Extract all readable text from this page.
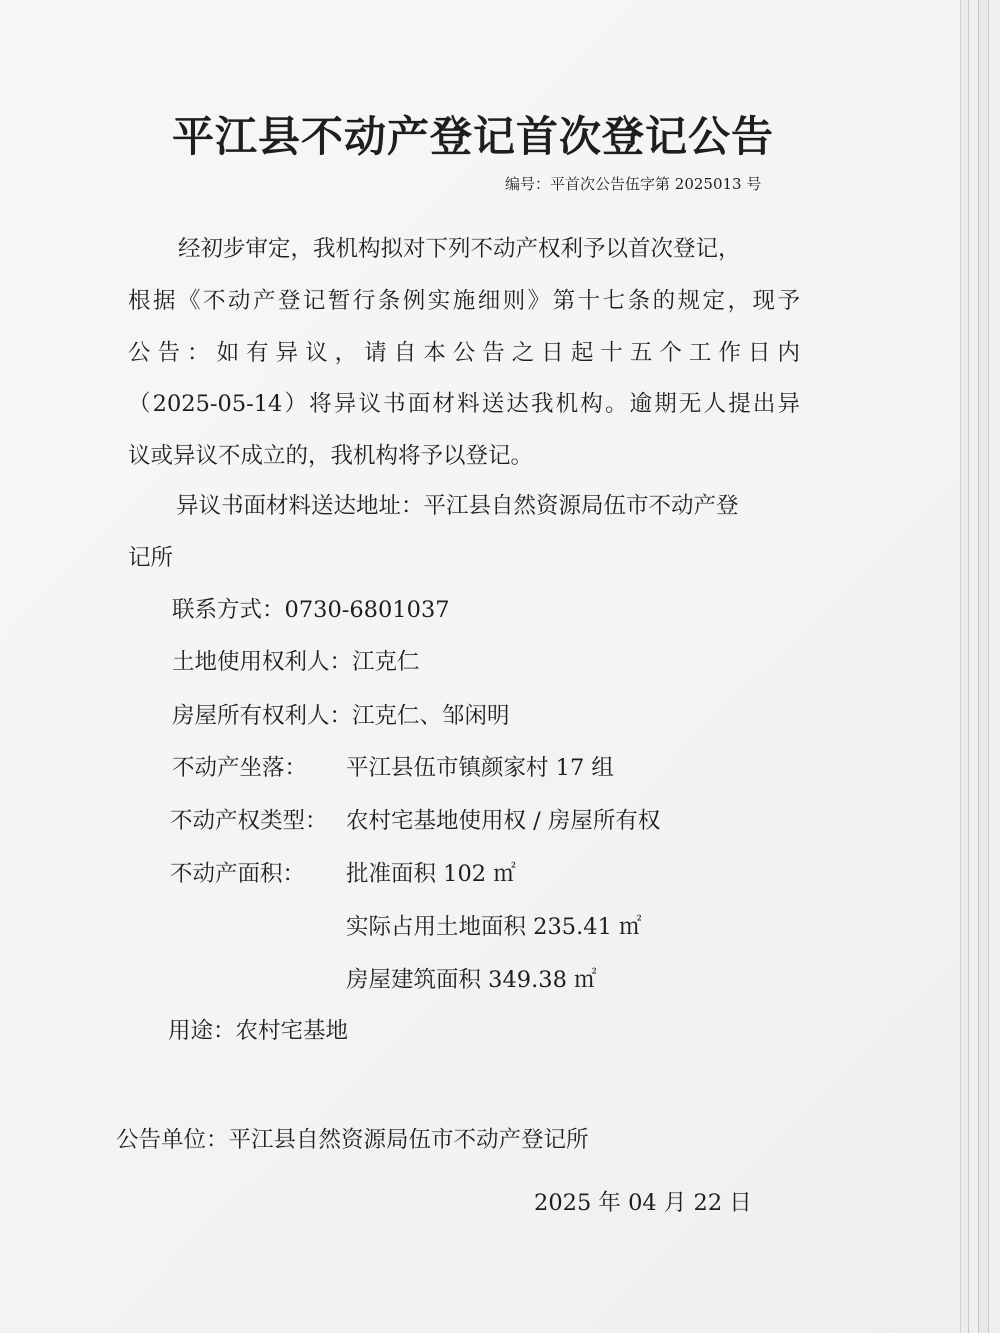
平江县不动产登记首次登记公告
编号：平首次公告伍字第 2025013 号
经初步审定，我机构拟对下列不动产权利予以首次登记，
根据《不动产登记暂行条例实施细则》第十七条的规定，现予
公告：如有异议，请自本公告之日起十五个工作日内
（2025-05-14）将异议书面材料送达我机构。逾期无人提出异
议或异议不成立的，我机构将予以登记。
异议书面材料送达地址：平江县自然资源局伍市不动产登
记所
联系方式：0730-6801037
土地使用权利人：江克仁
房屋所有权利人：江克仁、邹闲明
不动产坐落： 平江县伍市镇颜家村 17 组
不动产权类型： 农村宅基地使用权 / 房屋所有权
不动产面积： 批准面积 102 ㎡
实际占用土地面积 235.41 ㎡
房屋建筑面积 349.38 ㎡
用途：农村宅基地
公告单位：平江县自然资源局伍市不动产登记所
2025 年 04 月 22 日
